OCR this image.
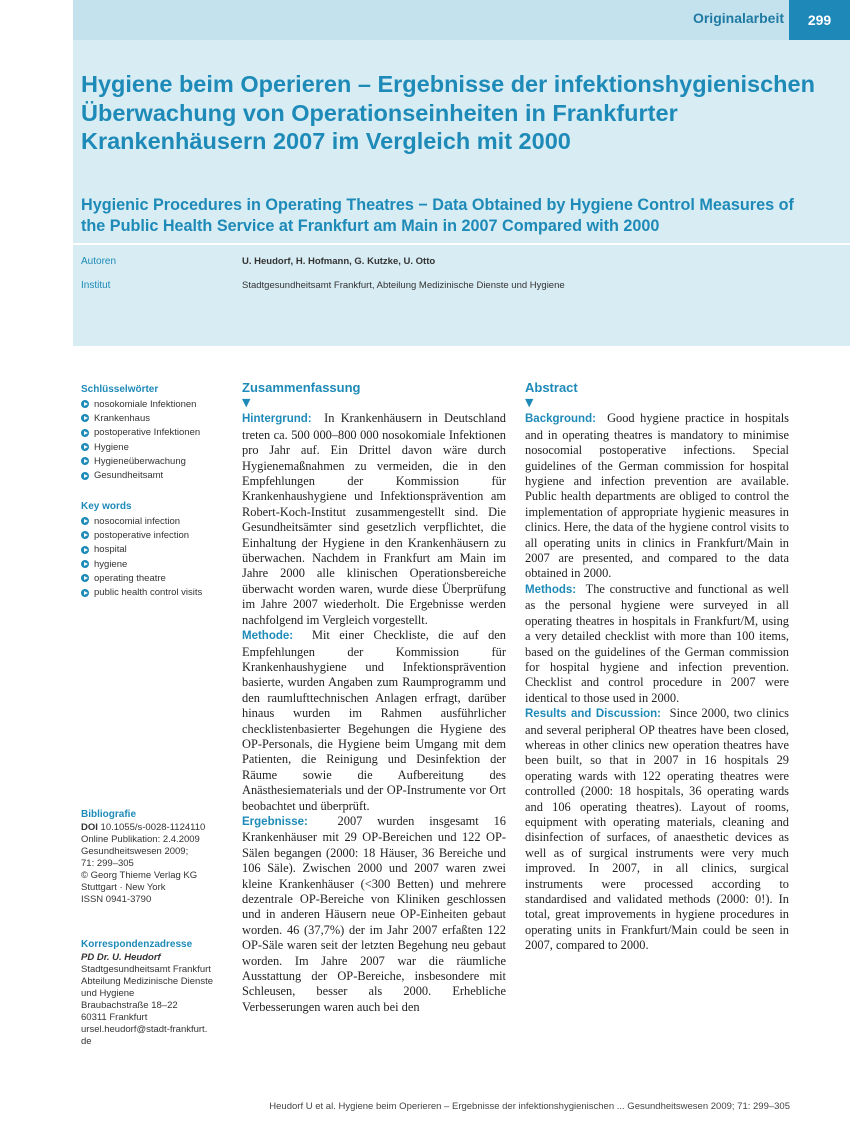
Originalarbeit	299
Hygiene beim Operieren – Ergebnisse der infektionshygienischen Überwachung von Operationseinheiten in Frankfurter Krankenhäusern 2007 im Vergleich mit 2000
Hygienic Procedures in Operating Theatres − Data Obtained by Hygiene Control Measures of the Public Health Service at Frankfurt am Main in 2007 Compared with 2000
Autoren	U. Heudorf, H. Hofmann, G. Kutzke, U. Otto
Institut	Stadtgesundheitsamt Frankfurt, Abteilung Medizinische Dienste und Hygiene
Schlüsselwörter
nosokomiale Infektionen
Krankenhaus
postoperative Infektionen
Hygiene
Hygieneüberwachung
Gesundheitsamt
Key words
nosocomial infection
postoperative infection
hospital
hygiene
operating theatre
public health control visits
Bibliografie
DOI 10.1055/s-0028-1124110
Online Publikation: 2.4.2009
Gesundheitswesen 2009;
71: 299–305
© Georg Thieme Verlag KG
Stuttgart · New York
ISSN 0941-3790
Korrespondenzadresse
PD Dr. U. Heudorf
Stadtgesundheitsamt Frankfurt
Abteilung Medizinische Dienste
und Hygiene
Braubachstraße 18–22
60311 Frankfurt
ursel.heudorf@stadt-frankfurt.
de
Zusammenfassung
▼

Hintergrund: In Krankenhäusern in Deutschland treten ca. 500 000–800 000 nosokomiale Infektionen pro Jahr auf. Ein Drittel davon wäre durch Hygienemaßnahmen zu vermeiden, die in den Empfehlungen der Kommission für Krankenhaushygiene und Infektionsprävention am Robert-Koch-Institut zusammengestellt sind. Die Gesundheitsämter sind gesetzlich verpflichtet, die Einhaltung der Hygiene in den Krankenhäusern zu überwachen. Nachdem in Frankfurt am Main im Jahre 2000 alle klinischen Operationsbereiche überwacht worden waren, wurde diese Überprüfung im Jahre 2007 wiederholt. Die Ergebnisse werden nachfolgend im Vergleich vorgestellt.

Methode: Mit einer Checkliste, die auf den Empfehlungen der Kommission für Krankenhaushygiene und Infektionsprävention basierte, wurden Angaben zum Raumprogramm und den raumlufttechnischen Anlagen erfragt, darüber hinaus wurden im Rahmen ausführlicher checklistenbasierter Begehungen die Hygiene des OP-Personals, die Hygiene beim Umgang mit dem Patienten, die Reinigung und Desinfektion der Räume sowie die Aufbereitung des Anästhesiematerials und der OP-Instrumente vor Ort beobachtet und überprüft.

Ergebnisse: 2007 wurden insgesamt 16 Krankenhäuser mit 29 OP-Bereichen und 122 OP-Sälen begangen (2000: 18 Häuser, 36 Bereiche und 106 Säle). Zwischen 2000 und 2007 waren zwei kleine Krankenhäuser (<300 Betten) und mehrere dezentrale OP-Bereiche von Kliniken geschlossen und in anderen Häusern neue OP-Einheiten gebaut worden. 46 (37,7%) der im Jahr 2007 erfaßten 122 OP-Säle waren seit der letzten Begehung neu gebaut worden. Im Jahre 2007 war die räumliche Ausstattung der OP-Bereiche, insbesondere mit Schleusen, besser als 2000. Erhebliche Verbesserungen waren auch bei den

Abstract
▼

Background: Good hygiene practice in hospitals and in operating theatres is mandatory to minimise nosocomial postoperative infections. Special guidelines of the German commission for hospital hygiene and infection prevention are available. Public health departments are obliged to control the implementation of appropriate hygienic measures in clinics. Here, the data of the hygiene control visits to all operating units in clinics in Frankfurt/Main in 2007 are presented, and compared to the data obtained in 2000.

Methods: The constructive and functional as well as the personal hygiene were surveyed in all operating theatres in hospitals in Frankfurt/M, using a very detailed checklist with more than 100 items, based on the guidelines of the German commission for hospital hygiene and infection prevention. Checklist and control procedure in 2007 were identical to those used in 2000.

Results and Discussion: Since 2000, two clinics and several peripheral OP theatres have been closed, whereas in other clinics new operation theatres have been built, so that in 2007 in 16 hospitals 29 operating wards with 122 operating theatres were controlled (2000: 18 hospitals, 36 operating wards and 106 operating theatres). Layout of rooms, equipment with operating materials, cleaning and disinfection of surfaces, of anaesthetic devices as well as of surgical instruments were very much improved. In 2007, in all clinics, surgical instruments were processed according to standardised and validated methods (2000: 0!). In total, great improvements in hygiene procedures in operating units in Frankfurt/Main could be seen in 2007, compared to 2000.

Heudorf U et al. Hygiene beim Operieren – Ergebnisse der infektionshygienischen ... Gesundheitswesen 2009; 71: 299–305
